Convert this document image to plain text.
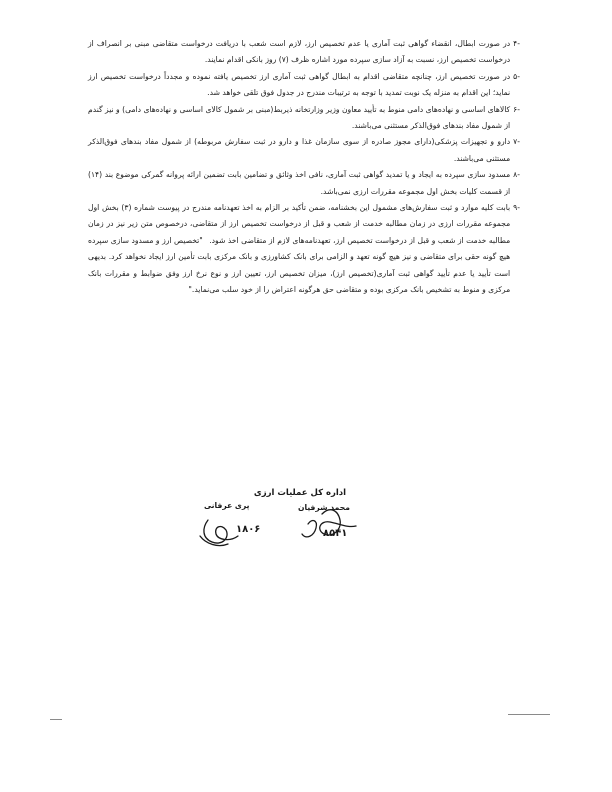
-۴
در صورت ابطال، انقضاء گواهی ثبت آماری یا عدم تخصیص ارز، لازم است شعب با دریافت درخواست متقاضی مبنی بر انصراف از درخواست تخصیص ارز، نسبت به آزاد سازی سپرده مورد اشاره ظرف (۷) روز بانکی اقدام نمایند.

-۵
در صورت تخصیص ارز، چنانچه متقاضی اقدام به ابطال گواهی ثبت آماری ارز تخصیص یافته نموده و مجدداً درخواست تخصیص ارز نماید؛ این اقدام به منزله یک نوبت تمدید با توجه به ترتیبات مندرج در جدول فوق تلقی خواهد شد.

-۶
کالاهای اساسی و نهاده‌های دامی منوط به تأیید معاون وزیر وزارتخانه ذیربط(مبنی بر شمول کالای اساسی و نهاده‌های دامی) و نیز گندم از شمول مفاد بندهای فوق‌الذکر مستثنی می‌باشند.

-۷
دارو و تجهیزات پزشکی(دارای مجوز صادره از سوی سازمان غذا و دارو در ثبت سفارش مربوطه) از شمول مفاد بندهای فوق‌الذکر مستثنی می‌باشند.

-۸
مسدود سازی سپرده به ایجاد و یا تمدید گواهی ثبت آماری، نافی اخذ وثائق و تضامین بابت تضمین ارائه پروانه گمرکی موضوع بند (۱۴) از قسمت کلیات بخش اول مجموعه مقررات ارزی نمی‌باشد.

-۹
بابت کلیه موارد و ثبت سفارش‌های مشمول این بخشنامه، ضمن تأکید بر الزام به اخذ تعهدنامه مندرج در پیوست شماره (۳) بخش اول مجموعه مقررات ارزی در زمان مطالبه خدمت از شعب و قبل از درخواست تخصیص ارز از متقاضی، درخصوص متن زیر نیز در زمان مطالبه خدمت از شعب و قبل از درخواست تخصیص ارز، تعهدنامه‌های لازم از متقاضی اخذ شود. "تخصیص ارز و مسدود سازی سپرده هیچ گونه حقی برای متقاضی و نیز هیچ گونه تعهد و الزامی برای بانک کشاورزی و بانک مرکزی بابت تأمین ارز ایجاد نخواهد کرد. بدیهی است تأیید یا عدم تأیید گواهی ثبت آماری(تخصیص ارز)، میزان تخصیص ارز، تعیین ارز و نوع نرخ ارز وفق ضوابط و مقررات بانک مرکزی و منوط به تشخیص بانک مرکزی بوده و متقاضی حق هرگونه اعتراض را از خود سلب می‌نماید."

اداره کل عملیات ارزی
محمد شرفیان
پری عرفانی
۸۵۴۱
۱۸۰۶
